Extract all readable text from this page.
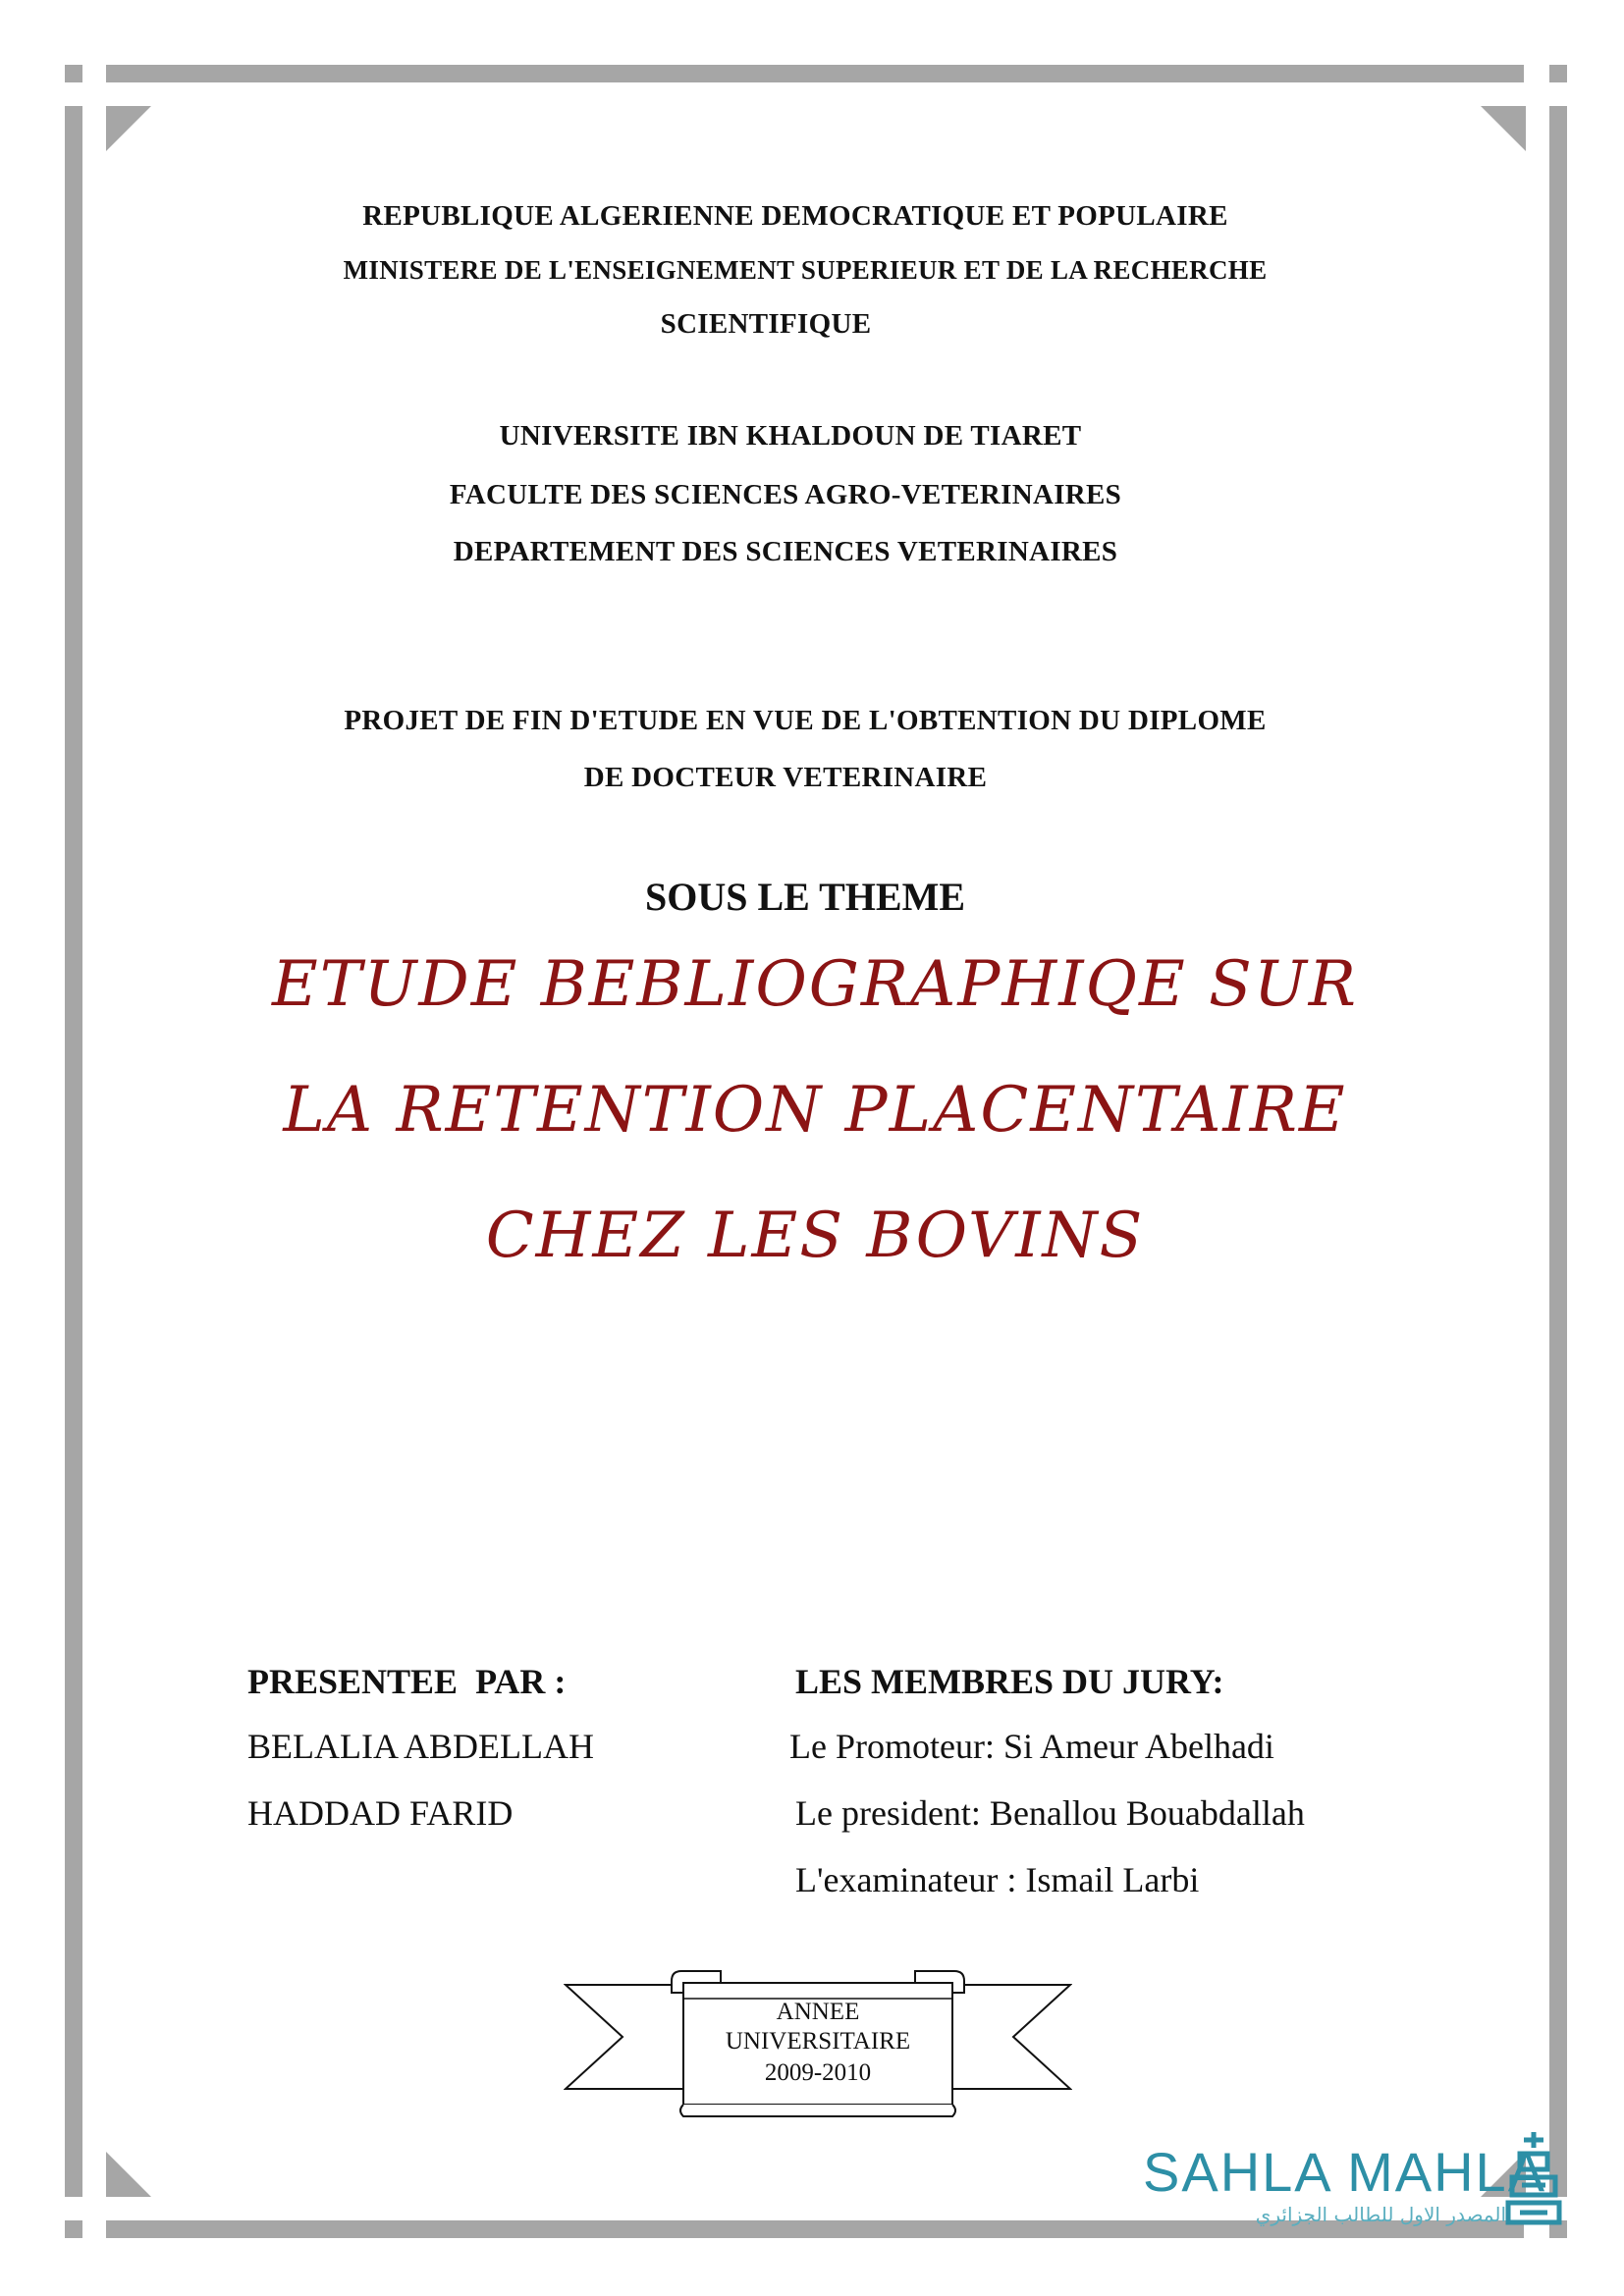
REPUBLIQUE ALGERIENNE DEMOCRATIQUE ET POPULAIRE
MINISTERE DE L'ENSEIGNEMENT SUPERIEUR ET DE LA RECHERCHE
SCIENTIFIQUE
UNIVERSITE IBN KHALDOUN DE TIARET
FACULTE DES SCIENCES AGRO-VETERINAIRES
DEPARTEMENT DES SCIENCES VETERINAIRES
PROJET DE FIN D'ETUDE EN VUE DE L'OBTENTION DU DIPLOME
DE DOCTEUR VETERINAIRE
SOUS LE THEME
ETUDE BEBLIOGRAPHIQE SUR
LA RETENTION PLACENTAIRE
CHEZ LES BOVINS
PRESENTEE  PAR :
BELALIA ABDELLAH
HADDAD FARID
LES MEMBRES DU JURY:
Le Promoteur: Si Ameur Abelhadi
Le president: Benallou Bouabdallah
L'examinateur : Ismail Larbi
ANNEE
UNIVERSITAIRE
2009-2010
SAHLA MAHLA
المصدر الاول للطالب الجزائري
